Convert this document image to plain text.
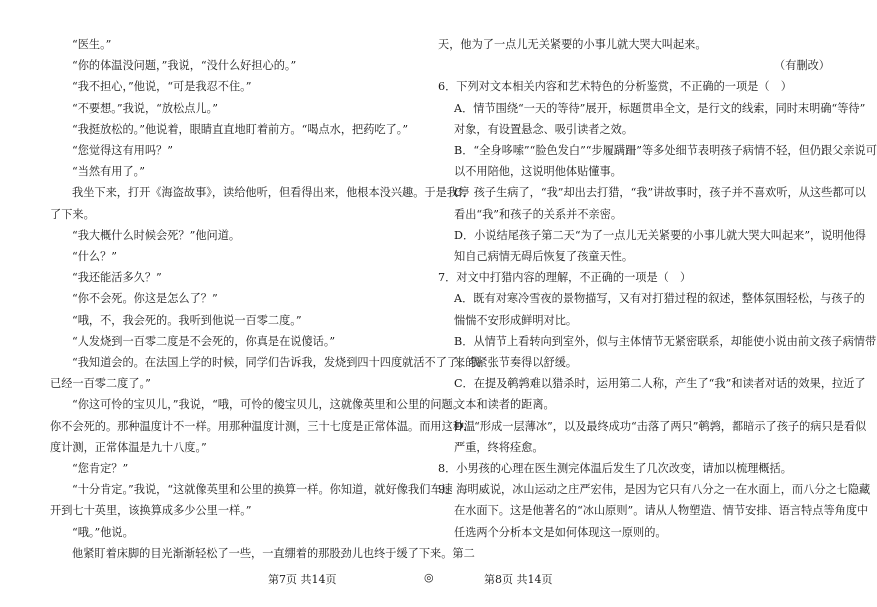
“医生。”
“你的体温没问题，”我说，“没什么好担心的。”
“我不担心，”他说，“可是我忍不住。”
“不要想。”我说，“放松点儿。”
“我挺放松的。”他说着，眼睛直直地盯着前方。“喝点水，把药吃了。”
“您觉得这有用吗？”
“当然有用了。”
我坐下来，打开《海盗故事》，读给他听，但看得出来，他根本没兴趣。于是我停
了下来。
“我大概什么时候会死？”他问道。
“什么？”
“我还能活多久？”
“你不会死。你这是怎么了？”
“哦，不，我会死的。我听到他说一百零二度。”
“人发烧到一百零二度是不会死的，你真是在说傻话。”
“我知道会的。在法国上学的时候，同学们告诉我，发烧到四十四度就活不了了。我
已经一百零二度了。”
“你这可怜的宝贝儿，”我说，“哦，可怜的傻宝贝儿，这就像英里和公里的问题。
你不会死的。那种温度计不一样。用那种温度计测，三十七度是正常体温。而用这种温
度计测，正常体温是九十八度。”
“您肯定？”
“十分肯定。”我说，“这就像英里和公里的换算一样。你知道，就好像我们车速
开到七十英里，该换算成多少公里一样。”
“哦。”他说。
他紧盯着床脚的目光渐渐轻松了一些，一直绷着的那股劲儿也终于缓了下来。第二
天，他为了一点儿无关紧要的小事儿就大哭大叫起来。
（有删改）
6．下列对文本相关内容和艺术特色的分析鉴赏，不正确的一项是（　）
A．情节围绕“一天的等待”展开，标题贯串全文，是行文的线索，同时末明确“等待”
对象，有设置悬念、吸引读者之效。
B．“全身哆嗦”“脸色发白”“步履蹒跚”等多处细节表明孩子病情不轻，但仍跟父亲说可
以不用陪他，这说明他体贴懂事。
C．孩子生病了，“我”却出去打猎，“我”讲故事时，孩子并不喜欢听，从这些都可以
看出“我”和孩子的关系并不亲密。
D．小说结尾孩子第二天“为了一点儿无关紧要的小事儿就大哭大叫起来”，说明他得
知自己病情无碍后恢复了孩童天性。
7．对文中打猎内容的理解，不正确的一项是（　）
A．既有对寒冷雪夜的景物描写，又有对打猎过程的叙述，整体氛围轻松，与孩子的
惴惴不安形成鲜明对比。
B．从情节上看转向到室外，似与主体情节无紧密联系，却能使小说由前文孩子病情带
来的紧张节奏得以舒缓。
C．在提及鹌鹑难以猎杀时，运用第二人称，产生了“我”和读者对话的效果，拉近了
文本和读者的距离。
D．“形成一层薄冰”，以及最终成功“击落了两只”鹌鹑，都暗示了孩子的病只是看似
严重，终将痊愈。
8．小男孩的心理在医生测完体温后发生了几次改变，请加以梳理概括。
9．海明威说，冰山运动之庄严宏伟，是因为它只有八分之一在水面上，而八分之七隐藏
在水面下。这是他著名的“冰山原则”。请从人物塑造、情节安排、语言特点等角度中
任选两个分析本文是如何体现这一原则的。
第7页 共14页	◎	第8页 共14页
